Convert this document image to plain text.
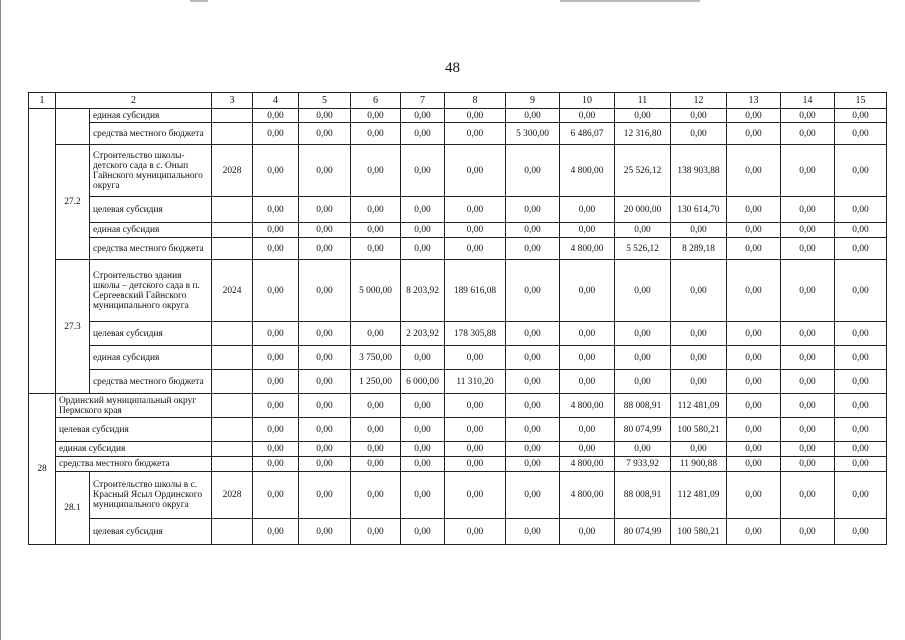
48
1	2		3	4	5	6	7	8	9	10	11	12	13	14	15
		единая субсидия		0,00	0,00	0,00	0,00	0,00	0,00	0,00	0,00	0,00	0,00	0,00	0,00
		средства местного бюджета		0,00	0,00	0,00	0,00	0,00	5 300,00	6 486,07	12 316,80	0,00	0,00	0,00	0,00
	27.2	Строительство школы-детского сада в с. Онып Гайнского муниципального округа	2028	0,00	0,00	0,00	0,00	0,00	0,00	4 800,00	25 526,12	138 903,88	0,00	0,00	0,00
		целевая субсидия		0,00	0,00	0,00	0,00	0,00	0,00	0,00	20 000,00	130 614,70	0,00	0,00	0,00
		единая субсидия		0,00	0,00	0,00	0,00	0,00	0,00	0,00	0,00	0,00	0,00	0,00	0,00
		средства местного бюджета		0,00	0,00	0,00	0,00	0,00	0,00	4 800,00	5 526,12	8 289,18	0,00	0,00	0,00
	27.3	Строительство здания школы – детского сада в п. Сергеевский Гайнского муниципального округа	2024	0,00	0,00	5 000,00	8 203,92	189 616,08	0,00	0,00	0,00	0,00	0,00	0,00	0,00
		целевая субсидия		0,00	0,00	0,00	2 203,92	178 305,88	0,00	0,00	0,00	0,00	0,00	0,00	0,00
		единая субсидия		0,00	0,00	3 750,00	0,00	0,00	0,00	0,00	0,00	0,00	0,00	0,00	0,00
		средства местного бюджета		0,00	0,00	1 250,00	6 000,00	11 310,20	0,00	0,00	0,00	0,00	0,00	0,00	0,00
28	Ординский муниципальный округ Пермского края			0,00	0,00	0,00	0,00	0,00	0,00	4 800,00	88 008,91	112 481,09	0,00	0,00	0,00
	целевая субсидия			0,00	0,00	0,00	0,00	0,00	0,00	0,00	80 074,99	100 580,21	0,00	0,00	0,00
	единая субсидия			0,00	0,00	0,00	0,00	0,00	0,00	0,00	0,00	0,00	0,00	0,00	0,00
	средства местного бюджета			0,00	0,00	0,00	0,00	0,00	0,00	4 800,00	7 933,92	11 900,88	0,00	0,00	0,00
	28.1	Строительство школы в с. Красный Ясыл Ординского муниципального округа	2028	0,00	0,00	0,00	0,00	0,00	0,00	4 800,00	88 008,91	112 481,09	0,00	0,00	0,00
		целевая субсидия		0,00	0,00	0,00	0,00	0,00	0,00	0,00	80 074,99	100 580,21	0,00	0,00	0,00
